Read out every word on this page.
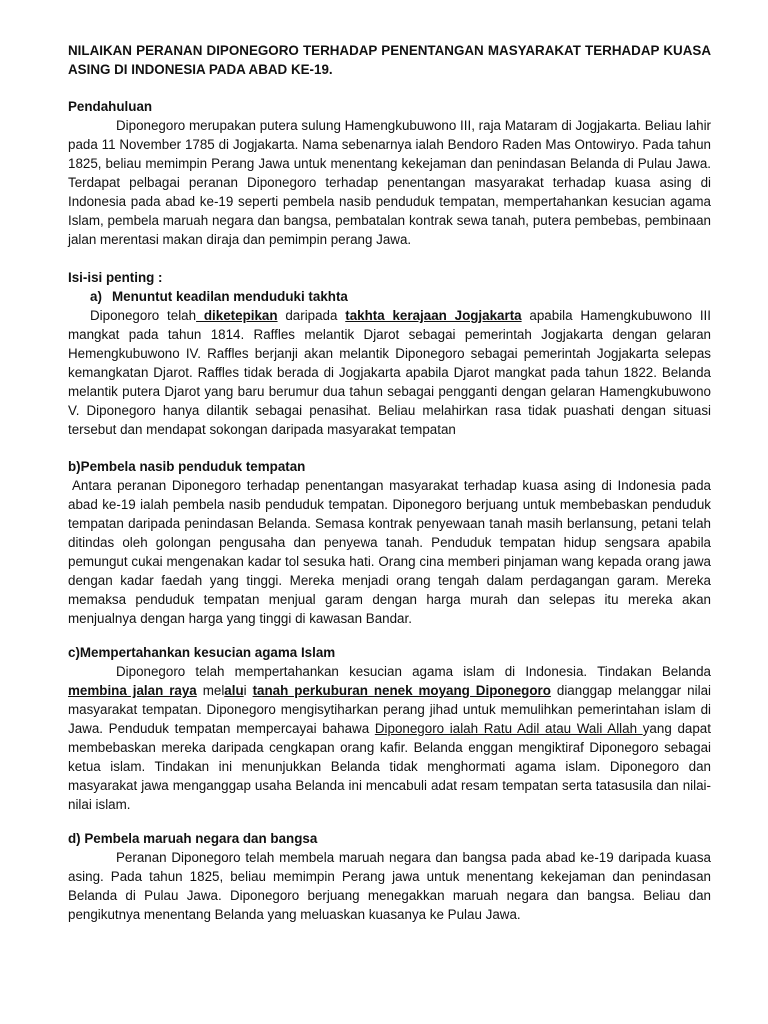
NILAIKAN PERANAN DIPONEGORO TERHADAP PENENTANGAN MASYARAKAT TERHADAP KUASA ASING DI INDONESIA PADA ABAD KE-19.

Pendahuluan

Diponegoro merupakan putera sulung Hamengkubuwono III, raja Mataram di Jogjakarta. Beliau lahir pada 11 November 1785 di Jogjakarta. Nama sebenarnya ialah Bendoro Raden Mas Ontowiryo. Pada tahun 1825, beliau memimpin Perang Jawa untuk menentang kekejaman dan penindasan Belanda di Pulau Jawa. Terdapat pelbagai peranan Diponegoro terhadap penentangan masyarakat terhadap kuasa asing di Indonesia pada abad ke-19 seperti pembela nasib penduduk tempatan, mempertahankan kesucian agama Islam, pembela maruah negara dan bangsa, pembatalan kontrak sewa tanah, putera pembebas, pembinaan jalan merentasi makan diraja dan pemimpin perang Jawa.

Isi-isi penting :

a) Menuntut keadilan menduduki takhta

Diponegoro telah diketepikan daripada takhta kerajaan Jogjakarta apabila Hamengkubuwono III mangkat pada tahun 1814. Raffles melantik Djarot sebagai pemerintah Jogjakarta dengan gelaran Hemengkubuwono IV. Raffles berjanji akan melantik Diponegoro sebagai pemerintah Jogjakarta selepas kemangkatan Djarot. Raffles tidak berada di Jogjakarta apabila Djarot mangkat pada tahun 1822. Belanda melantik putera Djarot yang baru berumur dua tahun sebagai pengganti dengan gelaran Hamengkubuwono V. Diponegoro hanya dilantik sebagai penasihat. Beliau melahirkan rasa tidak puashati dengan situasi tersebut dan mendapat sokongan daripada masyarakat tempatan

b)Pembela nasib penduduk tempatan

Antara peranan Diponegoro terhadap penentangan masyarakat terhadap kuasa asing di Indonesia pada abad ke-19 ialah pembela nasib penduduk tempatan. Diponegoro berjuang untuk membebaskan penduduk tempatan daripada penindasan Belanda. Semasa kontrak penyewaan tanah masih berlansung, petani telah ditindas oleh golongan pengusaha dan penyewa tanah. Penduduk tempatan hidup sengsara apabila pemungut cukai mengenakan kadar tol sesuka hati. Orang cina memberi pinjaman wang kepada orang jawa dengan kadar faedah yang tinggi. Mereka menjadi orang tengah dalam perdagangan garam. Mereka memaksa penduduk tempatan menjual garam dengan harga murah dan selepas itu mereka akan menjualnya dengan harga yang tinggi di kawasan Bandar.

c)Mempertahankan kesucian agama Islam

Diponegoro telah mempertahankan kesucian agama islam di Indonesia. Tindakan Belanda membina jalan raya melalui tanah perkuburan nenek moyang Diponegoro dianggap melanggar nilai masyarakat tempatan. Diponegoro mengisytiharkan perang jihad untuk memulihkan pemerintahan islam di Jawa. Penduduk tempatan mempercayai bahawa Diponegoro ialah Ratu Adil atau Wali Allah yang dapat membebaskan mereka daripada cengkapan orang kafir. Belanda enggan mengiktiraf Diponegoro sebagai ketua islam. Tindakan ini menunjukkan Belanda tidak menghormati agama islam. Diponegoro dan masyarakat jawa menganggap usaha Belanda ini mencabuli adat resam tempatan serta tatasusila dan nilai-nilai islam.

d) Pembela maruah negara dan bangsa

Peranan Diponegoro telah membela maruah negara dan bangsa pada abad ke-19 daripada kuasa asing. Pada tahun 1825, beliau memimpin Perang jawa untuk menentang kekejaman dan penindasan Belanda di Pulau Jawa. Diponegoro berjuang menegakkan maruah negara dan bangsa. Beliau dan pengikutnya menentang Belanda yang meluaskan kuasanya ke Pulau Jawa.
